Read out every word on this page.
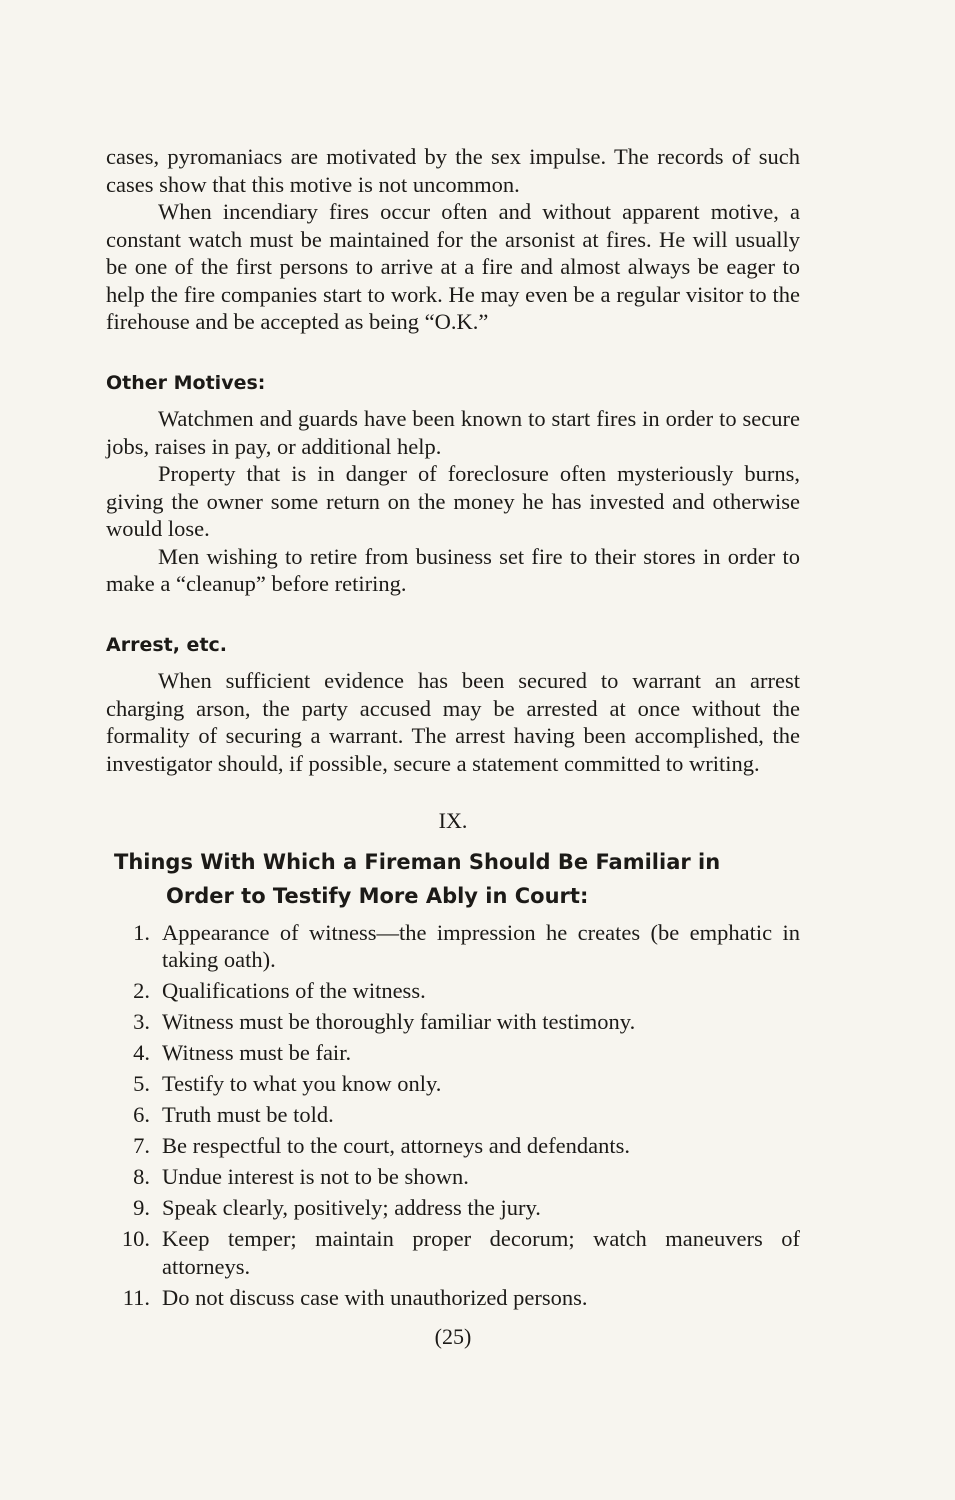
cases, pyromaniacs are motivated by the sex impulse. The records of such cases show that this motive is not uncommon.

When incendiary fires occur often and without apparent motive, a constant watch must be maintained for the arsonist at fires. He will usually be one of the first persons to arrive at a fire and almost always be eager to help the fire companies start to work. He may even be a regular visitor to the firehouse and be accepted as being “O.K.”

Other Motives:

Watchmen and guards have been known to start fires in order to secure jobs, raises in pay, or additional help.

Property that is in danger of foreclosure often mysteriously burns, giving the owner some return on the money he has invested and otherwise would lose.

Men wishing to retire from business set fire to their stores in order to make a “cleanup” before retiring.

Arrest, etc.

When sufficient evidence has been secured to warrant an arrest charging arson, the party accused may be arrested at once without the formality of securing a warrant. The arrest having been accomplished, the investigator should, if possible, secure a statement committed to writing.

IX.
Things With Which a Fireman Should Be Familiar in
Order to Testify More Ably in Court:
1. Appearance of witness—the impression he creates (be emphatic in taking oath).
2. Qualifications of the witness.
3. Witness must be thoroughly familiar with testimony.
4. Witness must be fair.
5. Testify to what you know only.
6. Truth must be told.
7. Be respectful to the court, attorneys and defendants.
8. Undue interest is not to be shown.
9. Speak clearly, positively; address the jury.
10. Keep temper; maintain proper decorum; watch maneuvers of attorneys.
11. Do not discuss case with unauthorized persons.
(25)
